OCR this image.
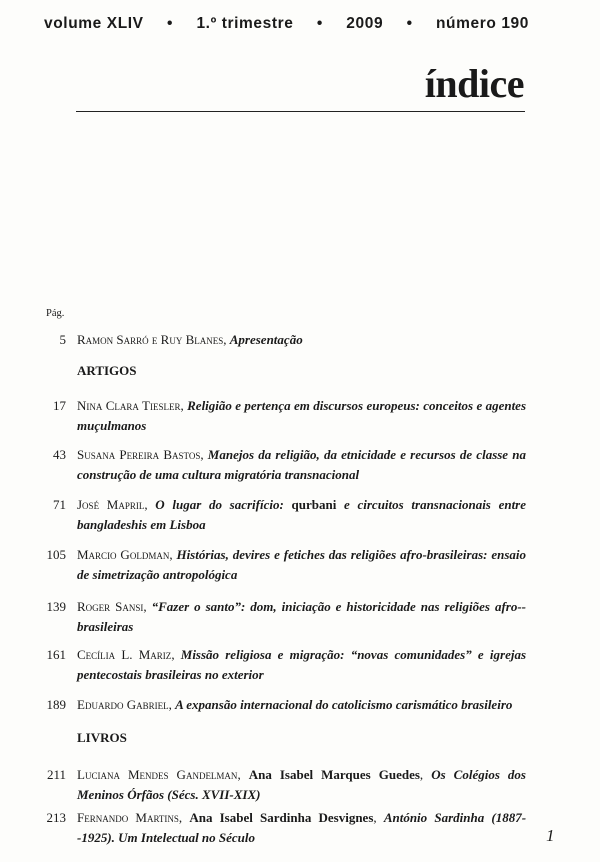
volume XLIV • 1.º trimestre • 2009 • número 190
índice
Pág.
5 Ramon Sarró e Ruy Blanes, Apresentação
ARTIGOS
17 Nina Clara Tiesler, Religião e pertença em discursos europeus: conceitos e agentes muçulmanos
43 Susana Pereira Bastos, Manejos da religião, da etnicidade e recursos de classe na construção de uma cultura migratória transnacional
71 José Mapril, O lugar do sacrifício: qurbani e circuitos transnacionais entre bangladeshis em Lisboa
105 Marcio Goldman, Histórias, devires e fetiches das religiões afro-brasileiras: ensaio de simetrização antropológica
139 Roger Sansi, “Fazer o santo”: dom, iniciação e historicidade nas religiões afro--brasileiras
161 Cecília L. Mariz, Missão religiosa e migração: “novas comunidades” e igrejas pentecostais brasileiras no exterior
189 Eduardo Gabriel, A expansão internacional do catolicismo carismático brasileiro
LIVROS
211 Luciana Mendes Gandelman, Ana Isabel Marques Guedes, Os Colégios dos Meninos Órfãos (Sécs. XVII-XIX)
213 Fernando Martins, Ana Isabel Sardinha Desvignes, António Sardinha (1887--1925). Um Intelectual no Século	1
